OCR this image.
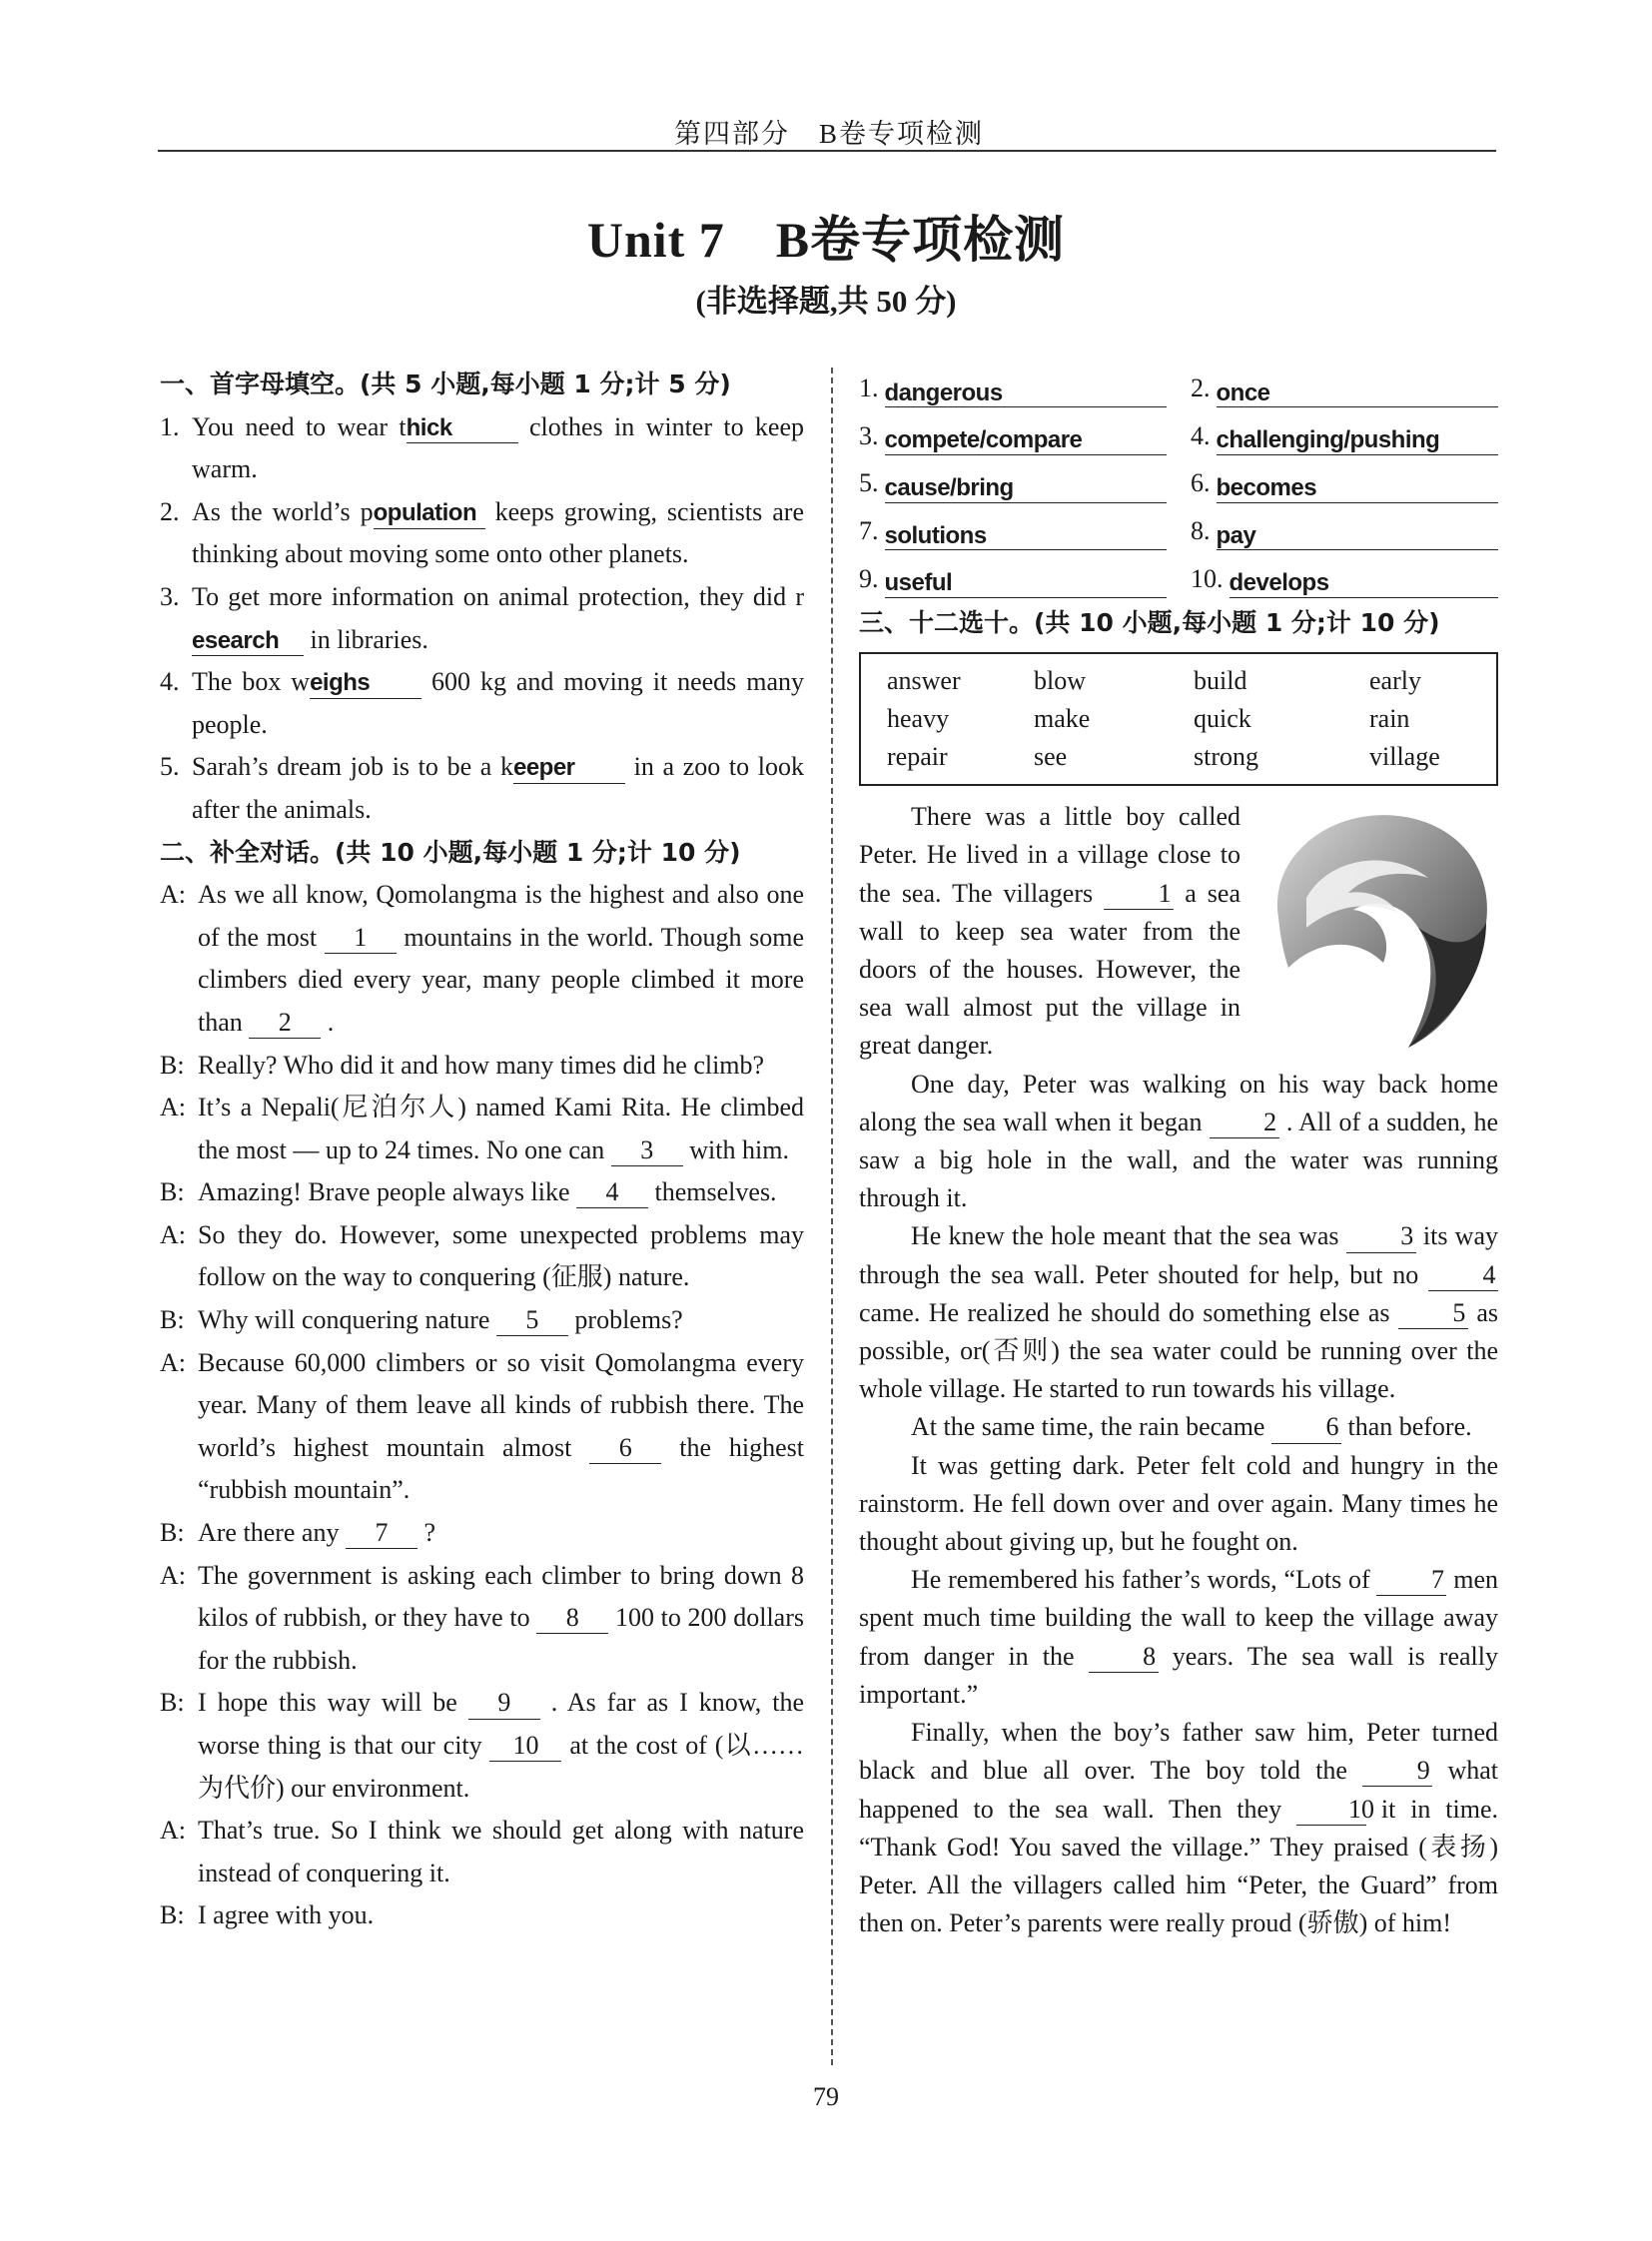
第四部分　B卷专项检测
Unit 7　B卷专项检测
(非选择题,共 50 分)
一、首字母填空。(共 5 小题,每小题 1 分;计 5 分)
1. You need to wear thick	clothes in winter to keep warm.
2. As the world’s population keeps growing, scientists are thinking about moving some onto other planets.
3. To get more information on animal protection, they did research in libraries.
4. The box weighs 600 kg and moving it needs many people.
5. Sarah’s dream job is to be a keeper in a zoo to look after the animals.
二、补全对话。(共 10 小题,每小题 1 分;计 10 分)
A: As we all know, Qomolangma is the highest and also one of the most 1 mountains in the world. Though some climbers died every year, many people climbed it more than 2 .
B: Really? Who did it and how many times did he climb?
A: It’s a Nepali(尼泊尔人) named Kami Rita. He climbed the most — up to 24 times. No one can 3 with him.
B: Amazing! Brave people always like 4 themselves.
A: So they do. However, some unexpected problems may follow on the way to conquering (征服) nature.
B: Why will conquering nature 5 problems?
A: Because 60,000 climbers or so visit Qomolangma every year. Many of them leave all kinds of rubbish there. The world’s highest mountain almost 6 the highest “rubbish mountain”.
B: Are there any 7 ?
A: The government is asking each climber to bring down 8 kilos of rubbish, or they have to 8 100 to 200 dollars for the rubbish.
B: I hope this way will be 9 . As far as I know, the worse thing is that our city 10 at the cost of (以……为代价) our environment.
A: That’s true. So I think we should get along with nature instead of conquering it.
B: I agree with you.
1. dangerous	2. once
3. compete/compare	4. challenging/pushing
5. cause/bring	6. becomes
7. solutions	8. pay
9. useful	10. develops
三、十二选十。(共 10 小题,每小题 1 分;计 10 分)
answer	blow	build	early
heavy	make	quick	rain
repair	see	strong	village

There was a little boy called Peter. He lived in a village close to the sea. The villagers 1 a sea wall to keep sea water from the doors of the houses. However, the sea wall almost put the village in great danger.

One day, Peter was walking on his way back home along the sea wall when it began 2 . All of a sudden, he saw a big hole in the wall, and the water was running through it.

He knew the hole meant that the sea was 3 its way through the sea wall. Peter shouted for help, but no 4 came. He realized he should do something else as 5 as possible, or(否则) the sea water could be running over the whole village. He started to run towards his village.

At the same time, the rain became 6 than before.

It was getting dark. Peter felt cold and hungry in the rainstorm. He fell down over and over again. Many times he thought about giving up, but he fought on.

He remembered his father’s words, “Lots of 7 men spent much time building the wall to keep the village away from danger in the 8 years. The sea wall is really important.”

Finally, when the boy’s father saw him, Peter turned black and blue all over. The boy told the 9 what happened to the sea wall. Then they 10 it in time. “Thank God! You saved the village.” They praised (表扬) Peter. All the villagers called him “Peter, the Guard” from then on. Peter’s parents were really proud (骄傲) of him!

79
